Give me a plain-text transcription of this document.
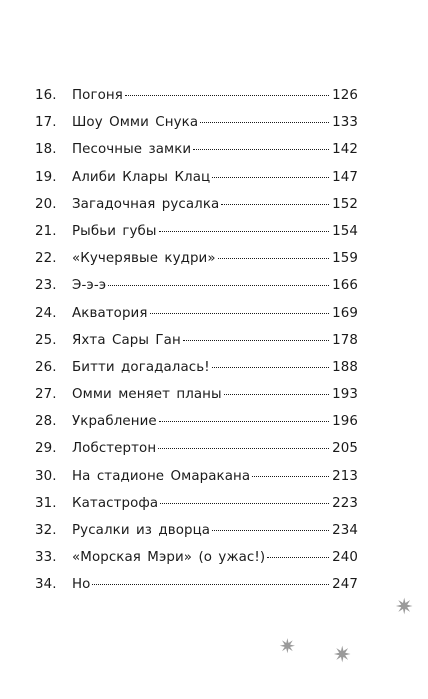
16.	Погоня	126
17.	Шоу Омми Снука	133
18.	Песочные замки	142
19.	Алиби Клары Клац	147
20.	Загадочная русалка	152
21.	Рыбьи губы	154
22.	«Кучерявые кудри»	159
23.	Э-э-э	166
24.	Акватория	169
25.	Яхта Сары Ган	178
26.	Битти догадалась!	188
27.	Омми меняет планы	193
28.	Украбление	196
29.	Лобстертон	205
30.	На стадионе Омаракана	213
31.	Катастрофа	223
32.	Русалки из дворца	234
33.	«Морская Мэри» (о ужас!)	240
34.	Но	247
✷
✷ ✷
